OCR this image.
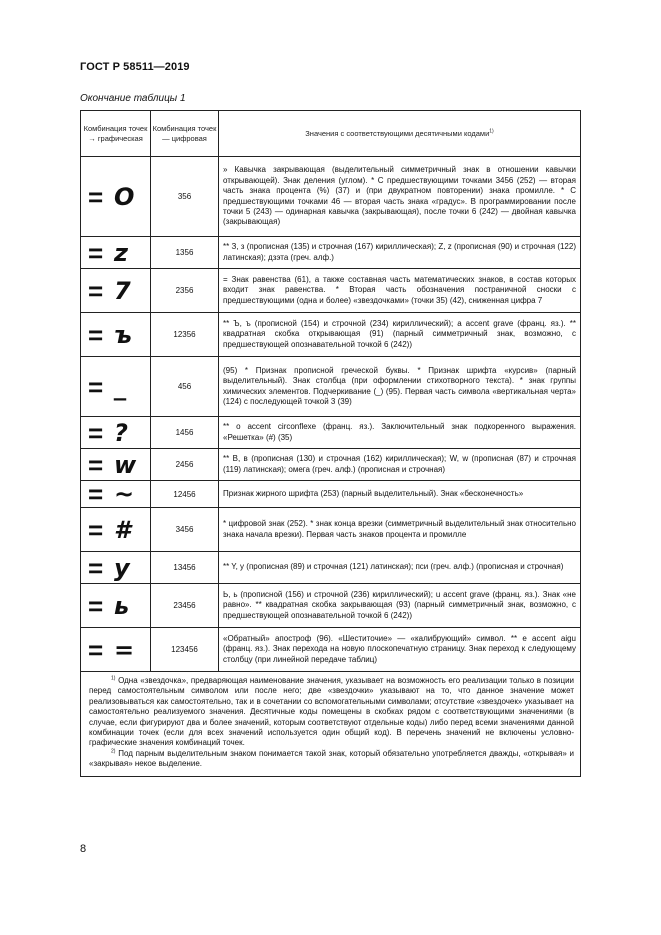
ГОСТ Р 58511—2019
Окончание таблицы 1
Комбинация точек → графическая	Комбинация точек — цифровая	Значения с соответствующими десятичными кодами$^{1)}$
= O	356	» Кавычка закрывающая (выделительный симметричный знак в отношении кавычки открывающей). Знак деления (углом). * С предшествующими точками 3456 (252) — вторая часть знака процента (%) (37) и (при двукратном повторении) знака промилле. * С предшествующими точками 46 — вторая часть знака «градус». В программировании после точки 5 (243) — одинарная кавычка (закрывающая), после точки 6 (242) — двойная кавычка (закрывающая)
= z	1356	** З, з (прописная (135) и строчная (167) кириллическая); Z, z (прописная (90) и строчная (122) латинская); дзэта (греч. алф.)
= 7	2356	= Знак равенства (61), а также составная часть математических знаков, в состав которых входит знак равенства. * Вторая часть обозначения постраничной сноски с предшествующими (одна и более) «звездочками» (точки 35) (42), сниженная цифра 7
= ъ	12356	** Ъ, ъ (прописной (154) и строчной (234) кириллический); a accent grave (франц. яз.). ** квадратная скобка открывающая (91) (парный симметричный знак, возможно, с предшествующей опознавательной точкой 6 (242))
= _	456	(95) * Признак прописной греческой буквы. * Признак шрифта «курсив» (парный выделительный). Знак столбца (при оформлении стихотворного текста). * знак группы химических элементов. Подчеркивание (_) (95). Первая часть символа «вертикальная черта» (124) с последующей точкой 3 (39)
= ?	1456	** o accent circonflexe (франц. яз.). Заключительный знак подкоренного выражения. «Решетка» (#) (35)
= w	2456	** В, в (прописная (130) и строчная (162) кириллическая); W, w (прописная (87) и строчная (119) латинская); омега (греч. алф.) (прописная и строчная)
= ~	12456	Признак жирного шрифта (253) (парный выделительный). Знак «бесконечность»
= #	3456	* цифровой знак (252). * знак конца врезки (симметричный выделительный знак относительно знака начала врезки). Первая часть знаков процента и промилле
= y	13456	** Y, y (прописная (89) и строчная (121) латинская); пси (греч. алф.) (прописная и строчная)
= ь	23456	Ь, ь (прописной (156) и строчной (236) кириллический); u accent grave (франц. яз.). Знак «не равно». ** квадратная скобка закрывающая (93) (парный симметричный знак, возможно, с предшествующей опознавательной точкой 6 (242))
= =	123456	«Обратный» апостроф (96). «Шеститочие» — «калибрующий» символ. ** e accent aigu (франц. яз.). Знак перехода на новую плоскопечатную страницу. Знак переход к следующему столбцу (при линейной передаче таблиц)

$^{1)}$ Одна «звездочка», предваряющая наименование значения, указывает на возможность его реализации только в позиции перед самостоятельным символом или после него; две «звездочки» указывают на то, что данное значение может реализовываться как самостоятельно, так и в сочетании со вспомогательными символами; отсутствие «звездочек» указывает на самостоятельно реализуемого значения. Десятичные коды помещены в скобках рядом с соответствующими значениями (в случае, если фигурируют два и более значений, которым соответствуют отдельные коды) либо перед всеми значениями данной комбинации точек (если для всех значений используется один общий код). В перечень значений не включены условно-графические значения комбинаций точек.

$^{2)}$ Под парным выделительным знаком понимается такой знак, который обязательно употребляется дважды, «открывая» и «закрывая» некое выделение.		

8
